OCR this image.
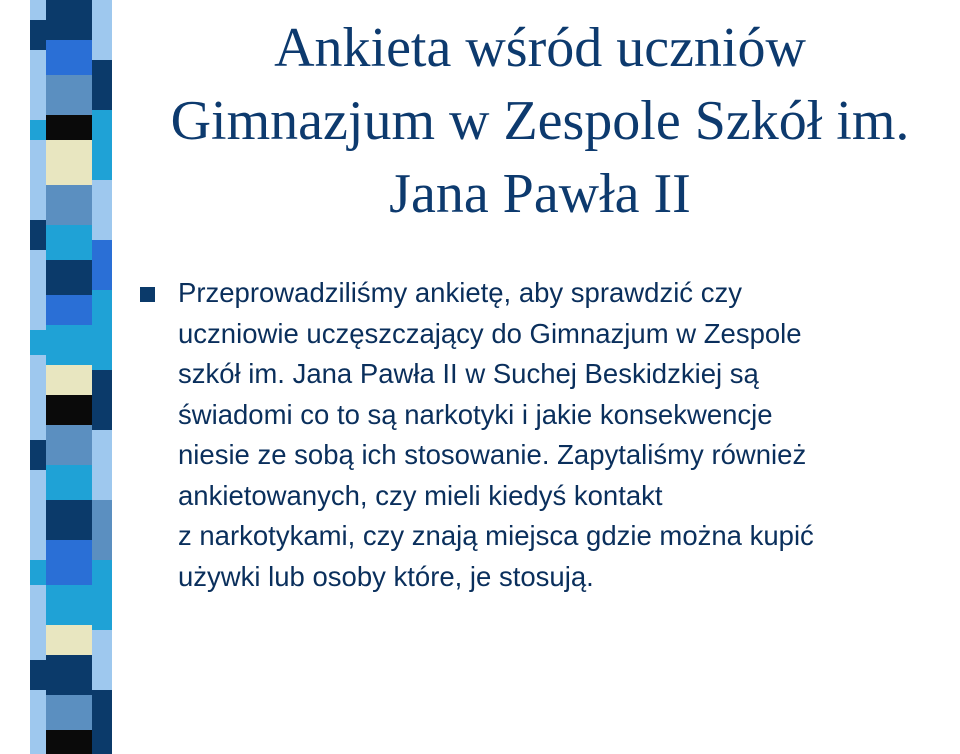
Ankieta wśród uczniów
Gimnazjum w Zespole Szkół im.
Jana Pawła II
Przeprowadziliśmy ankietę, aby sprawdzić czy
uczniowie uczęszczający do Gimnazjum w Zespole
szkół im. Jana Pawła II w Suchej Beskidzkiej są
świadomi co to są narkotyki i jakie konsekwencje
niesie ze sobą ich stosowanie. Zapytaliśmy również
ankietowanych, czy mieli kiedyś kontakt
z narkotykami, czy znają miejsca gdzie można kupić
używki lub osoby które, je stosują.
